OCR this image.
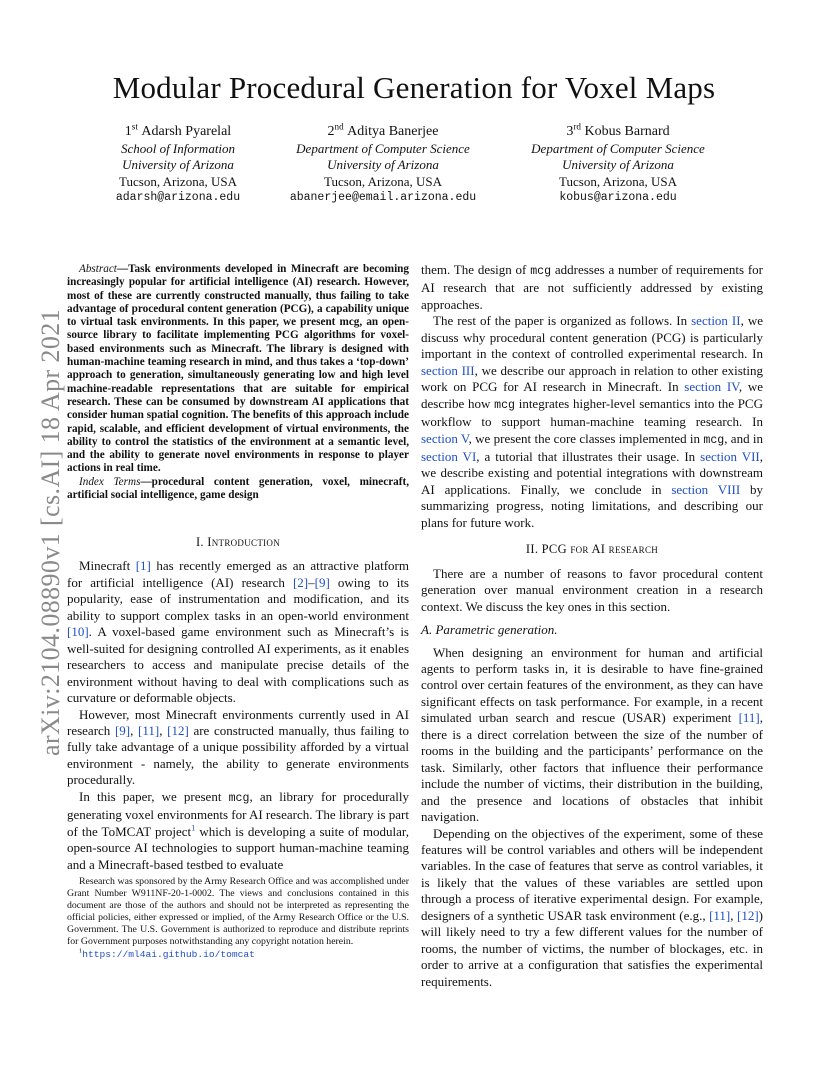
arXiv:2104.08890v1 [cs.AI] 18 Apr 2021
Modular Procedural Generation for Voxel Maps
1st Adarsh Pyarelal
School of Information
University of Arizona
Tucson, Arizona, USA
adarsh@arizona.edu
2nd Aditya Banerjee
Department of Computer Science
University of Arizona
Tucson, Arizona, USA
abanerjee@email.arizona.edu
3rd Kobus Barnard
Department of Computer Science
University of Arizona
Tucson, Arizona, USA
kobus@arizona.edu

Abstract—Task environments developed in Minecraft are becoming increasingly popular for artificial intelligence (AI) research. However, most of these are currently constructed manually, thus failing to take advantage of procedural content generation (PCG), a capability unique to virtual task environments. In this paper, we present mcg, an open-source library to facilitate implementing PCG algorithms for voxel-based environments such as Minecraft. The library is designed with human-machine teaming research in mind, and thus takes a ‘top-down’ approach to generation, simultaneously generating low and high level machine-readable representations that are suitable for empirical research. These can be consumed by downstream AI applications that consider human spatial cognition. The benefits of this approach include rapid, scalable, and efficient development of virtual environments, the ability to control the statistics of the environment at a semantic level, and the ability to generate novel environments in response to player actions in real time.

Index Terms—procedural content generation, voxel, minecraft, artificial social intelligence, game design

I. Introduction

Minecraft [1] has recently emerged as an attractive platform for artificial intelligence (AI) research [2]–[9] owing to its popularity, ease of instrumentation and modification, and its ability to support complex tasks in an open-world environment [10]. A voxel-based game environment such as Minecraft’s is well-suited for designing controlled AI experiments, as it enables researchers to access and manipulate precise details of the environment without having to deal with complications such as curvature or deformable objects.

However, most Minecraft environments currently used in AI research [9], [11], [12] are constructed manually, thus failing to fully take advantage of a unique possibility afforded by a virtual environment - namely, the ability to generate environments procedurally.

In this paper, we present mcg, an library for procedurally generating voxel environments for AI research. The library is part of the ToMCAT project$^1$ which is developing a suite of modular, open-source AI technologies to support human-machine teaming and a Minecraft-based testbed to evaluate

Research was sponsored by the Army Research Office and was accomplished under Grant Number W911NF-20-1-0002. The views and conclusions contained in this document are those of the authors and should not be interpreted as representing the official policies, either expressed or implied, of the Army Research Office or the U.S. Government. The U.S. Government is authorized to reproduce and distribute reprints for Government purposes notwithstanding any copyright notation herein.

$^1$https://ml4ai.github.io/tomcat

them. The design of mcg addresses a number of requirements for AI research that are not sufficiently addressed by existing approaches.

The rest of the paper is organized as follows. In section II, we discuss why procedural content generation (PCG) is particularly important in the context of controlled experimental research. In section III, we describe our approach in relation to other existing work on PCG for AI research in Minecraft. In section IV, we describe how mcg integrates higher-level semantics into the PCG workflow to support human-machine teaming research. In section V, we present the core classes implemented in mcg, and in section VI, a tutorial that illustrates their usage. In section VII, we describe existing and potential integrations with downstream AI applications. Finally, we conclude in section VIII by summarizing progress, noting limitations, and describing our plans for future work.

II. PCG for AI research

There are a number of reasons to favor procedural content generation over manual environment creation in a research context. We discuss the key ones in this section.

A. Parametric generation.

When designing an environment for human and artificial agents to perform tasks in, it is desirable to have fine-grained control over certain features of the environment, as they can have significant effects on task performance. For example, in a recent simulated urban search and rescue (USAR) experiment [11], there is a direct correlation between the size of the number of rooms in the building and the participants’ performance on the task. Similarly, other factors that influence their performance include the number of victims, their distribution in the building, and the presence and locations of obstacles that inhibit navigation.

Depending on the objectives of the experiment, some of these features will be control variables and others will be independent variables. In the case of features that serve as control variables, it is likely that the values of these variables are settled upon through a process of iterative experimental design. For example, designers of a synthetic USAR task environment (e.g., [11], [12]) will likely need to try a few different values for the number of rooms, the number of victims, the number of blockages, etc. in order to arrive at a configuration that satisfies the experimental requirements.
